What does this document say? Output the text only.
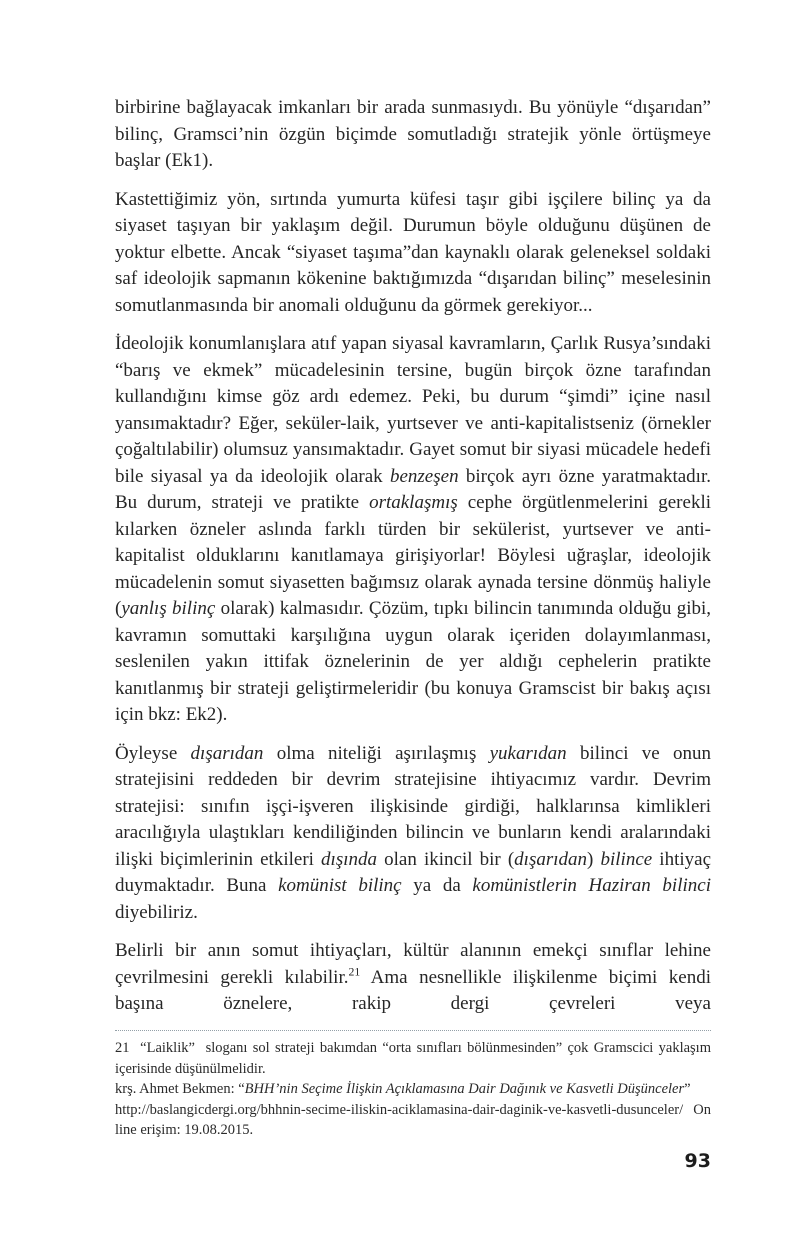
birbirine bağlayacak imkanları bir arada sunmasıydı. Bu yönüyle “dışarıdan” bilinç, Gramsci’nin özgün biçimde somutladığı stratejik yönle örtüşmeye başlar (Ek1).

Kastettiğimiz yön, sırtında yumurta küfesi taşır gibi işçilere bilinç ya da siyaset taşıyan bir yaklaşım değil. Durumun böyle olduğunu düşünen de yoktur elbette. Ancak “siyaset taşıma”dan kaynaklı olarak geleneksel soldaki saf ideolojik sapmanın kökenine baktığımızda “dışarıdan bilinç” meselesinin somutlanmasında bir anomali olduğunu da görmek gerekiyor...

İdeolojik konumlanışlara atıf yapan siyasal kavramların, Çarlık Rusya’sındaki “barış ve ekmek” mücadelesinin tersine, bugün birçok özne tarafından kullandığını kimse göz ardı edemez. Peki, bu durum “şimdi” içine nasıl yansımaktadır? Eğer, seküler-laik, yurtsever ve anti-kapitalistseniz (örnekler çoğaltılabilir) olumsuz yansımaktadır. Gayet somut bir siyasi mücadele hedefi bile siyasal ya da ideolojik olarak benzeşen birçok ayrı özne yaratmaktadır. Bu durum, strateji ve pratikte ortaklaşmış cephe örgütlenmelerini gerekli kılarken özneler aslında farklı türden bir sekülerist, yurtsever ve anti-kapitalist olduklarını kanıtlamaya girişiyorlar! Böylesi uğraşlar, ideolojik mücadelenin somut siyasetten bağımsız olarak aynada tersine dönmüş haliyle (yanlış bilinç olarak) kalmasıdır. Çözüm, tıpkı bilincin tanımında olduğu gibi, kavramın somuttaki karşılığına uygun olarak içeriden dolayımlanması, seslenilen yakın ittifak öznelerinin de yer aldığı cephelerin pratikte kanıtlanmış bir strateji geliştirmeleridir (bu konuya Gramscist bir bakış açısı için bkz: Ek2).

Öyleyse dışarıdan olma niteliği aşırılaşmış yukarıdan bilinci ve onun stratejisini reddeden bir devrim stratejisine ihtiyacımız vardır. Devrim stratejisi: sınıfın işçi-işveren ilişkisinde girdiği, halklarınsa kimlikleri aracılığıyla ulaştıkları kendiliğinden bilincin ve bunların kendi aralarındaki ilişki biçimlerinin etkileri dışında olan ikincil bir (dışarıdan) bilince ihtiyaç duymaktadır. Buna komünist bilinç ya da komünistlerin Haziran bilinci diyebiliriz.

Belirli bir anın somut ihtiyaçları, kültür alanının emekçi sınıflar lehine çevrilmesini gerekli kılabilir.$^{21}$ Ama nesnellikle ilişkilenme biçimi kendi başına öznelere, rakip dergi çevreleri veya

21  “Laiklik”  sloganı sol strateji bakımdan “orta sınıfları bölünmesinden” çok Gramscici yaklaşım içerisinde düşünülmelidir.

krş. Ahmet Bekmen: “BHH’nin Seçime İlişkin Açıklamasına Dair Dağınık ve Kasvetli Düşünceler”

http://baslangicdergi.org/bhhnin-secime-iliskin-aciklamasina-dair-daginik-ve-kasvetli-dusunceler/  Online erişim: 19.08.2015.

93
